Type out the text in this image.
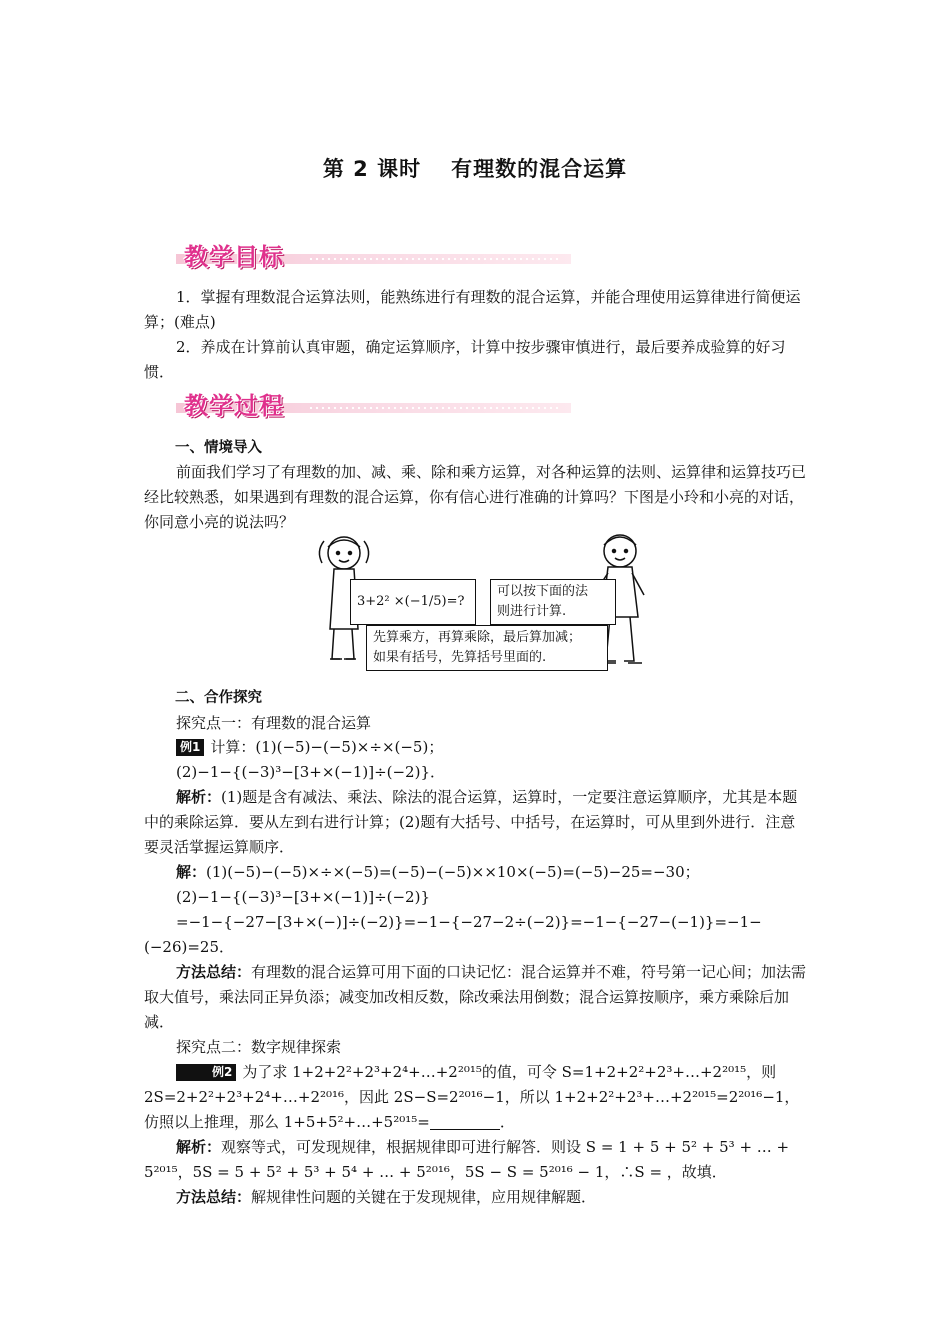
第 2 课时 有理数的混合运算
教学目标
1．掌握有理数混合运算法则，能熟练进行有理数的混合运算，并能合理使用运算律进行简便运算；(难点)
2．养成在计算前认真审题，确定运算顺序，计算中按步骤审慎进行，最后要养成验算的好习惯．
教学过程
一、情境导入
前面我们学习了有理数的加、减、乘、除和乘方运算，对各种运算的法则、运算律和运算技巧已经比较熟悉，如果遇到有理数的混合运算，你有信心进行准确的计算吗？下图是小玲和小亮的对话，你同意小亮的说法吗？
3+2² ×(−1/5)=?
可以按下面的法
则进行计算.
先算乘方，再算乘除，最后算加减；
如果有括号，先算括号里面的.
二、合作探究
探究点一：有理数的混合运算
例1 计算：(1)(−5)−(−5)×÷×(−5)；
(2)−1−{(−3)³−[3+×(−1)]÷(−2)}．
解析：(1)题是含有减法、乘法、除法的混合运算，运算时，一定要注意运算顺序，尤其是本题中的乘除运算．要从左到右进行计算；(2)题有大括号、中括号，在运算时，可从里到外进行．注意要灵活掌握运算顺序．
解：(1)(−5)−(−5)×÷×(−5)=(−5)−(−5)××10×(−5)=(−5)−25=−30；
(2)−1−{(−3)³−[3+×(−1)]÷(−2)}
=−1−{−27−[3+×(−)]÷(−2)}=−1−{−27−2÷(−2)}=−1−{−27−(−1)}=−1−(−26)=25．
方法总结：有理数的混合运算可用下面的口诀记忆：混合运算并不难，符号第一记心间；加法需取大值号，乘法同正异负添；减变加改相反数，除改乘法用倒数；混合运算按顺序，乘方乘除后加减．
探究点二：数字规律探索
例2 为了求 1+2+2²+2³+2⁴+…+2²⁰¹⁵的值，可令 S=1+2+2²+2³+…+2²⁰¹⁵，则 2S=2+2²+2³+2⁴+…+2²⁰¹⁶，因此 2S−S=2²⁰¹⁶−1，所以 1+2+2²+2³+…+2²⁰¹⁵=2²⁰¹⁶−1，仿照以上推理，那么 1+5+5²+…+5²⁰¹⁵=	．
解析：观察等式，可发现规律，根据规律即可进行解答．则设 S = 1 + 5 + 5² + 5³ + … + 5²⁰¹⁵，5S = 5 + 5² + 5³ + 5⁴ + … + 5²⁰¹⁶，5S − S = 5²⁰¹⁶ − 1，∴S = ，故填．
方法总结：解规律性问题的关键在于发现规律，应用规律解题．
